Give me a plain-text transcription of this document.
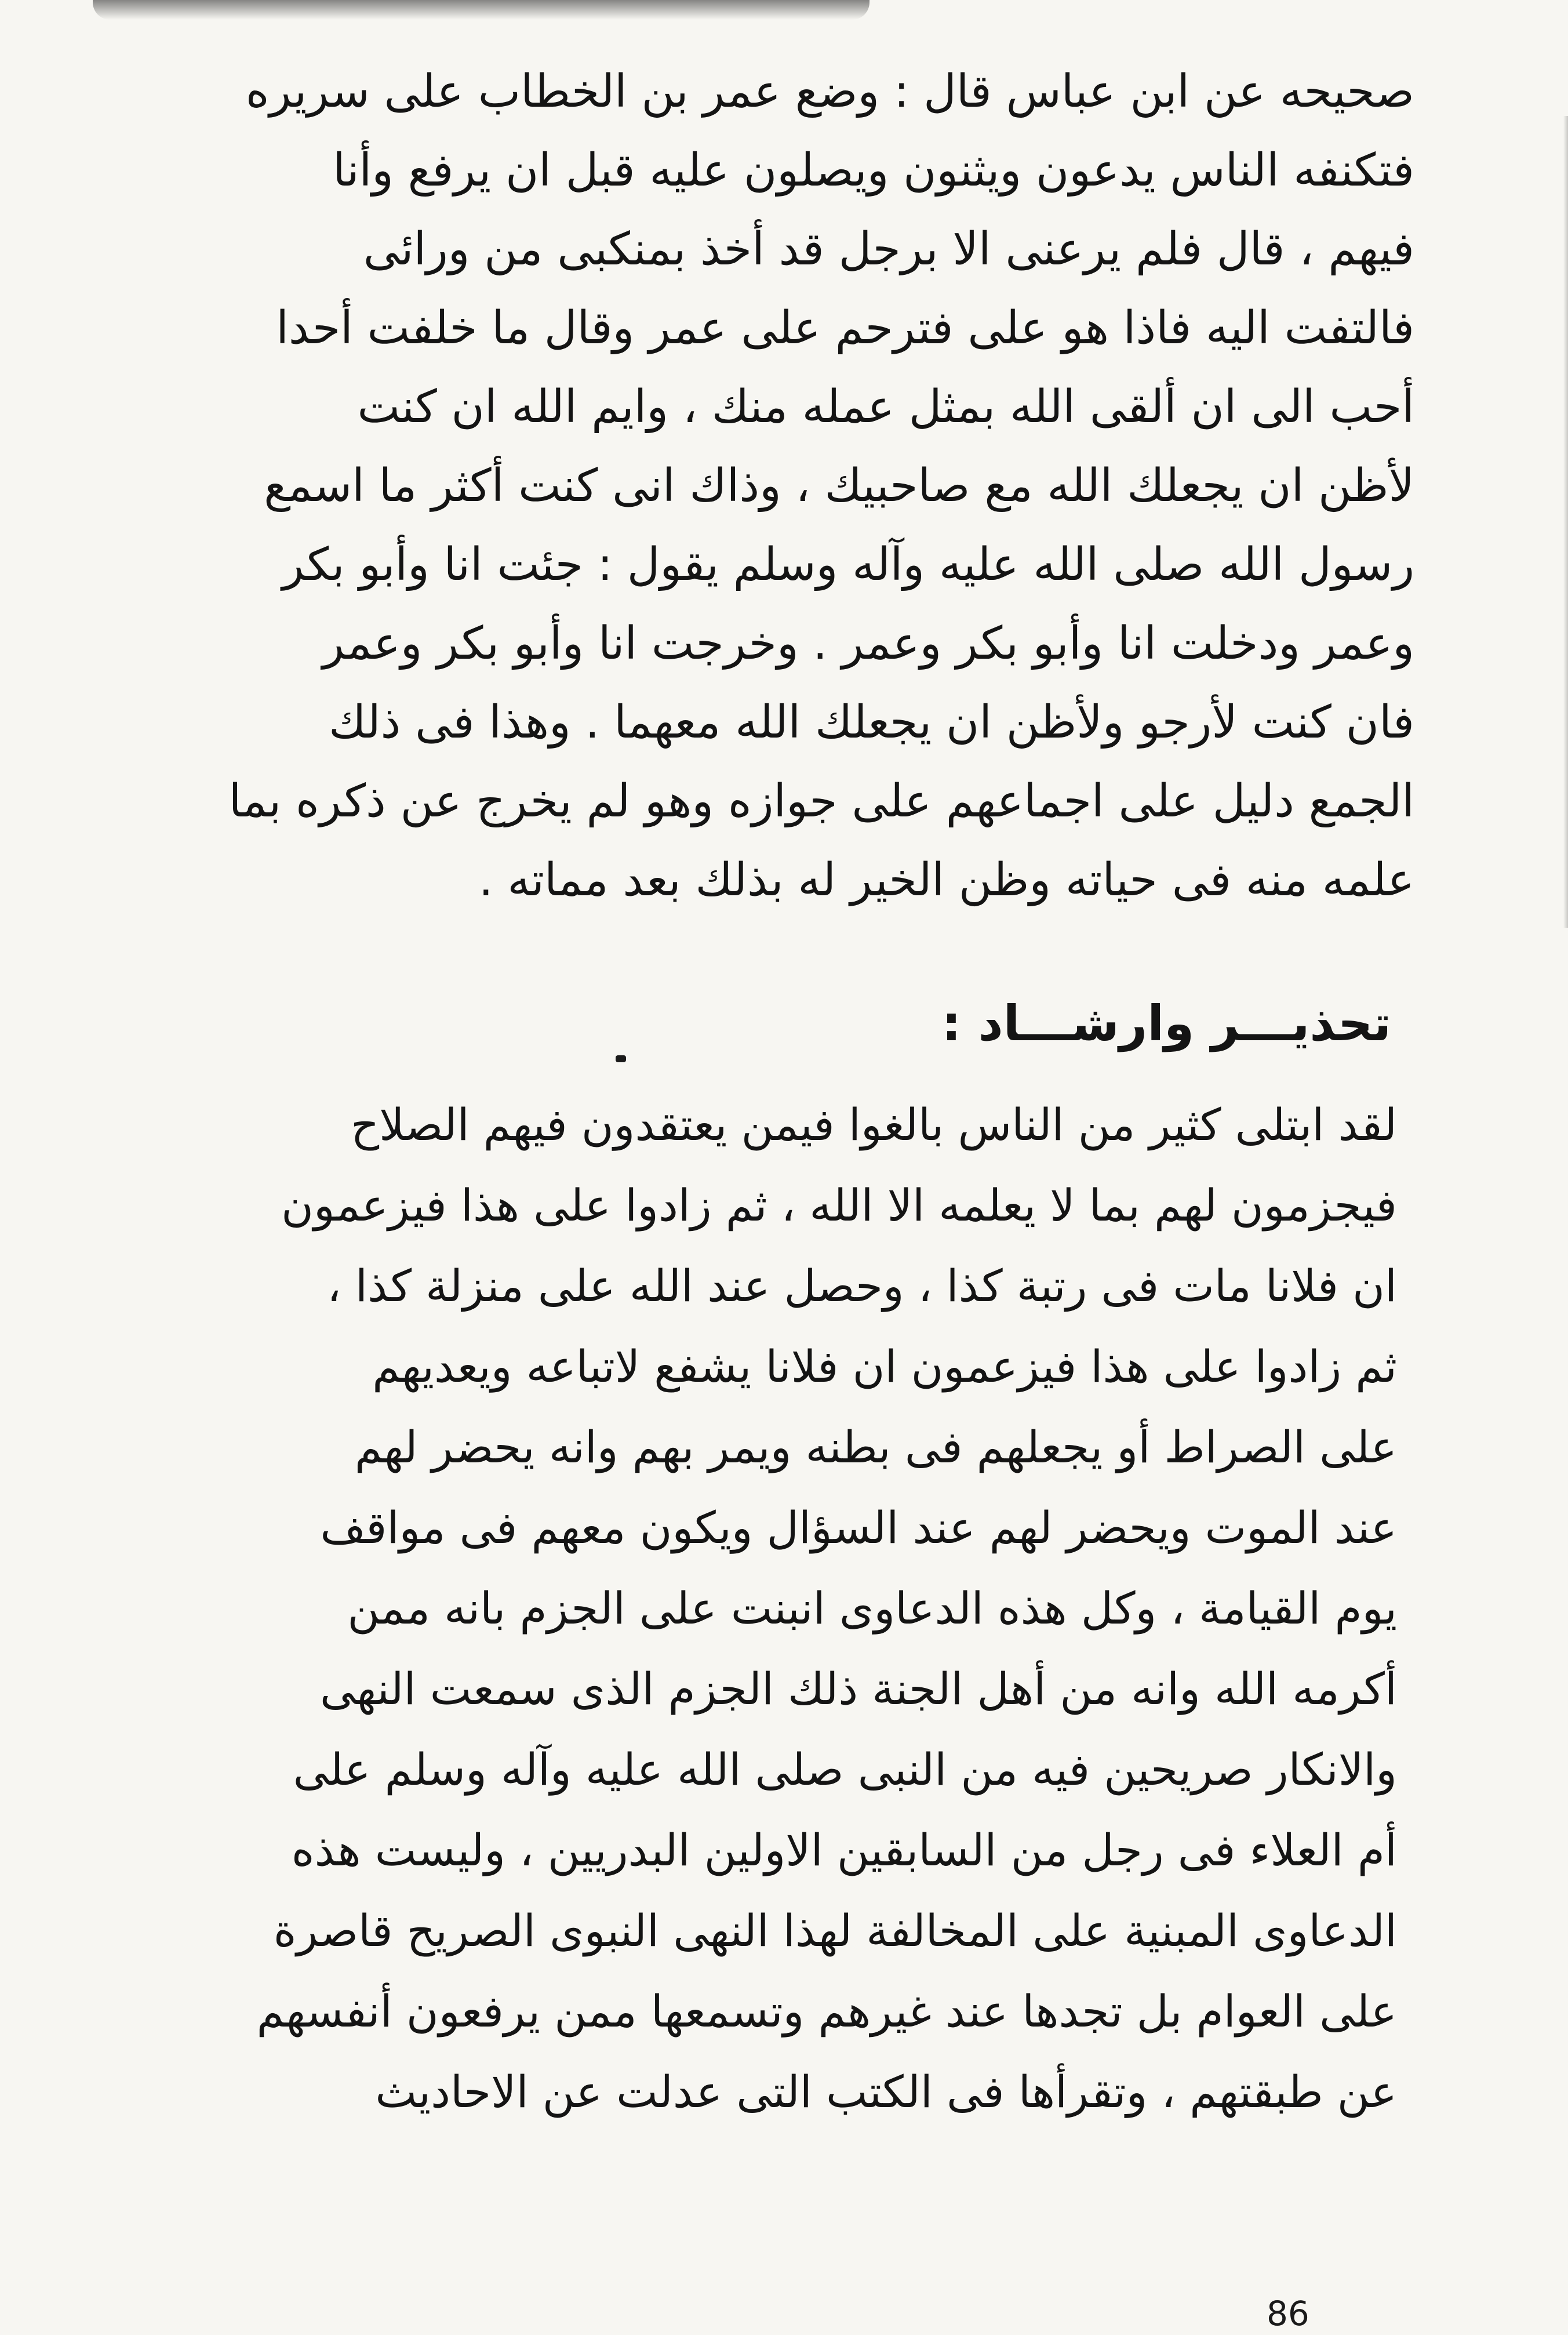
صحيحه عن ابن عباس قال : وضع عمر بن الخطاب على سريره
فتكنفه الناس يدعون ويثنون ويصلون عليه قبل ان يرفع وأنا
فيهم ، قال فلم يرعنى الا برجل قد أخذ بمنكبى من ورائى
فالتفت اليه فاذا هو على فترحم على عمر وقال ما خلفت أحدا
أحب الى ان ألقى الله بمثل عمله منك ، وايم الله ان كنت
لأظن ان يجعلك الله مع صاحبيك ، وذاك انى كنت أكثر ما اسمع
رسول الله صلى الله عليه وآله وسلم يقول : جئت انا وأبو بكر
وعمر ودخلت انا وأبو بكر وعمر . وخرجت انا وأبو بكر وعمر
فان كنت لأرجو ولأظن ان يجعلك الله معهما . وهذا فى ذلك
الجمع دليل على اجماعهم على جوازه وهو لم يخرج عن ذكره بما
علمه منه فى حياته وظن الخير له بذلك بعد مماته .
تحذيـــر وارشـــاد :
لقد ابتلى كثير من الناس بالغوا فيمن يعتقدون فيهم الصلاح
فيجزمون لهم بما لا يعلمه الا الله ، ثم زادوا على هذا فيزعمون
ان فلانا مات فى رتبة كذا ، وحصل عند الله على منزلة كذا ،
ثم زادوا على هذا فيزعمون ان فلانا يشفع لاتباعه ويعديهم
على الصراط أو يجعلهم فى بطنه ويمر بهم وانه يحضر لهم
عند الموت ويحضر لهم عند السؤال ويكون معهم فى مواقف
يوم القيامة ، وكل هذه الدعاوى انبنت على الجزم بانه ممن
أكرمه الله وانه من أهل الجنة ذلك الجزم الذى سمعت النهى
والانكار صريحين فيه من النبى صلى الله عليه وآله وسلم على
أم العلاء فى رجل من السابقين الاولين البدريين ، وليست هذه
الدعاوى المبنية على المخالفة لهذا النهى النبوى الصريح قاصرة
على العوام بل تجدها عند غيرهم وتسمعها ممن يرفعون أنفسهم
عن طبقتهم ، وتقرأها فى الكتب التى عدلت عن الاحاديث
86
